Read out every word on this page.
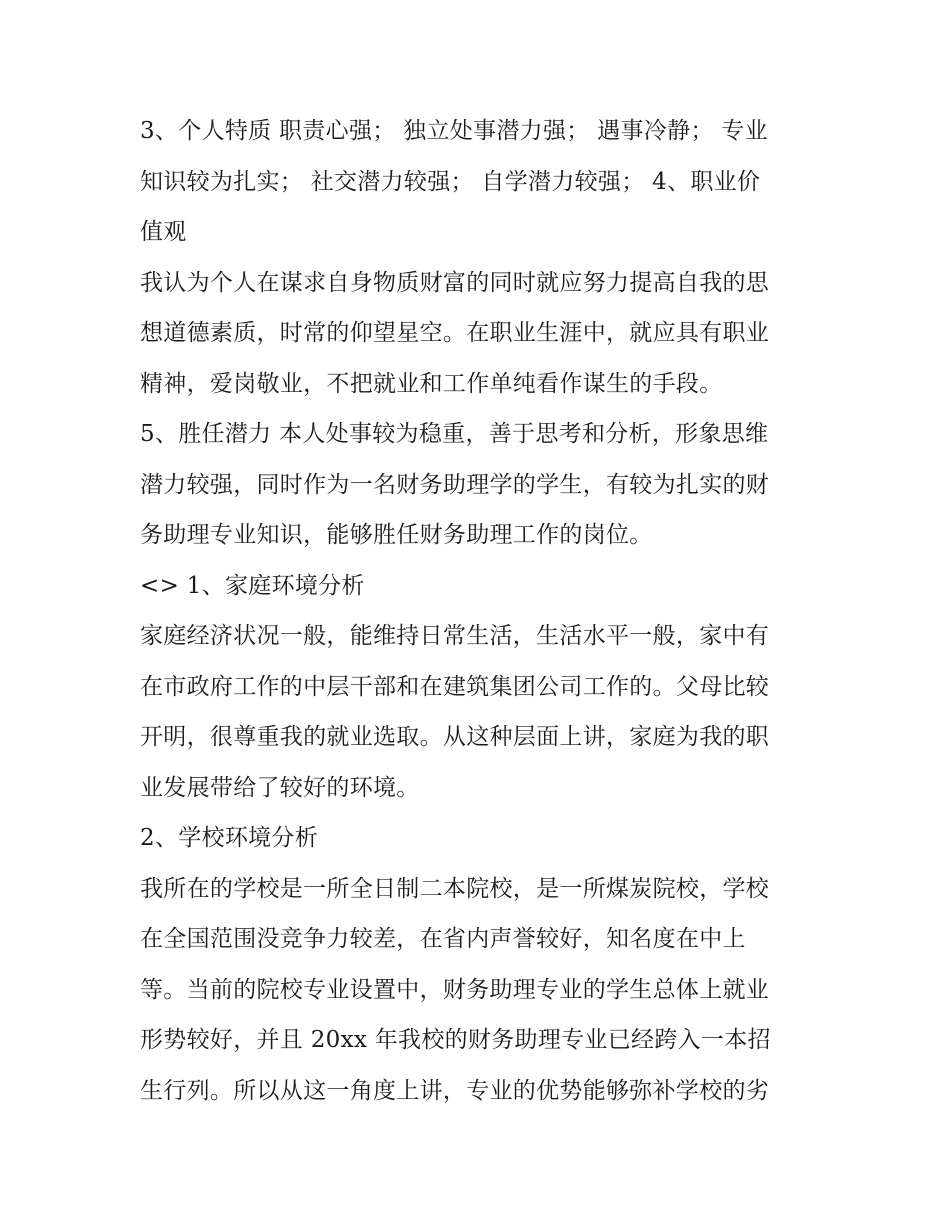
3、个人特质 职责心强； 独立处事潜力强； 遇事冷静； 专业
知识较为扎实； 社交潜力较强； 自学潜力较强； 4、职业价
值观
我认为个人在谋求自身物质财富的同时就应努力提高自我的思
想道德素质，时常的仰望星空。在职业生涯中，就应具有职业
精神，爱岗敬业，不把就业和工作单纯看作谋生的手段。
5、胜任潜力 本人处事较为稳重，善于思考和分析，形象思维
潜力较强，同时作为一名财务助理学的学生，有较为扎实的财
务助理专业知识，能够胜任财务助理工作的岗位。
<> 1、家庭环境分析
家庭经济状况一般，能维持日常生活，生活水平一般，家中有
在市政府工作的中层干部和在建筑集团公司工作的。父母比较
开明，很尊重我的就业选取。从这种层面上讲，家庭为我的职
业发展带给了较好的环境。
2、学校环境分析
我所在的学校是一所全日制二本院校，是一所煤炭院校，学校
在全国范围没竞争力较差，在省内声誉较好，知名度在中上
等。当前的院校专业设置中，财务助理专业的学生总体上就业
形势较好，并且 20xx 年我校的财务助理专业已经跨入一本招
生行列。所以从这一角度上讲，专业的优势能够弥补学校的劣
